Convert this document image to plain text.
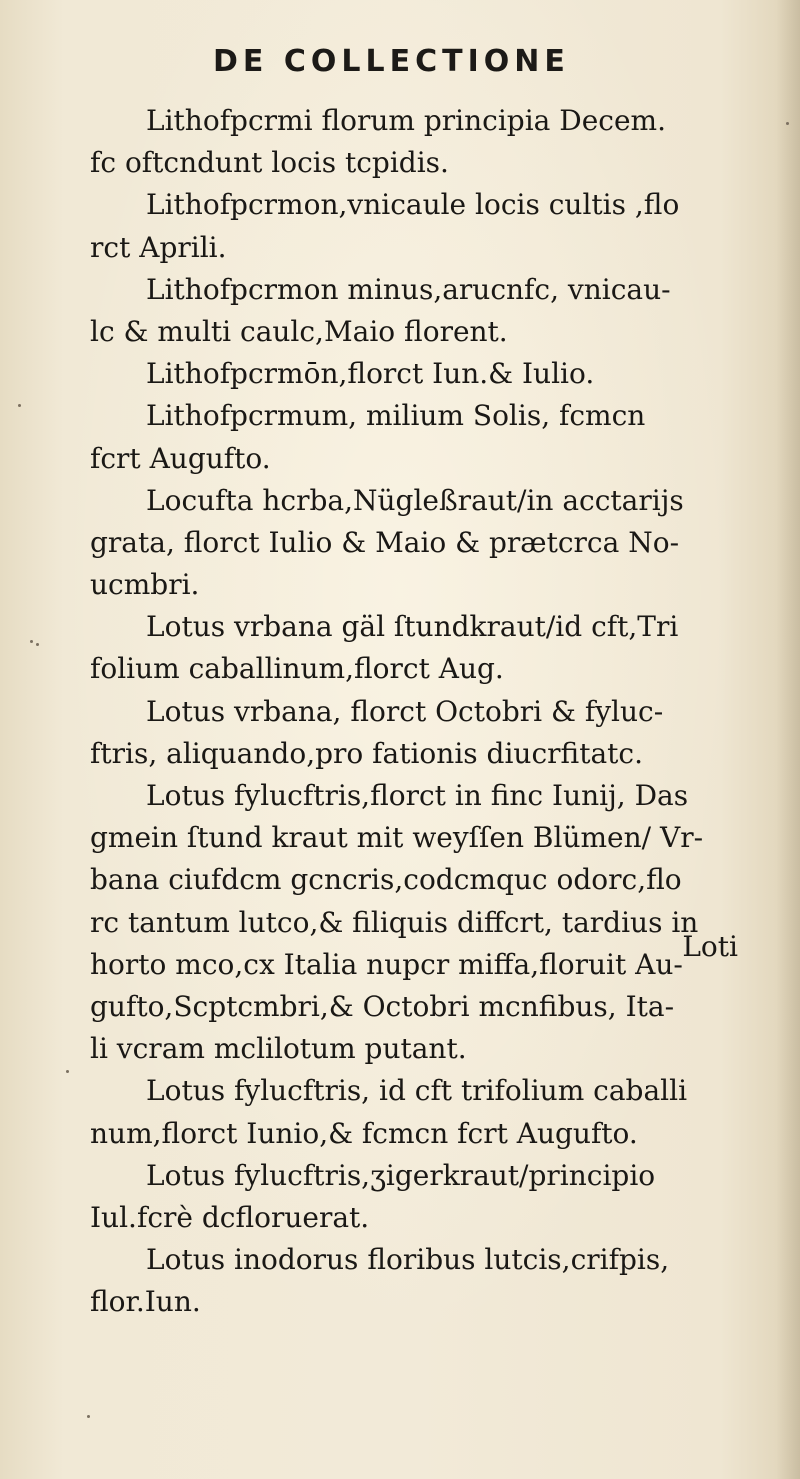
DE COLLECTIONE
Lithofpcrmi florum principia Decem.
fc oftcndunt locis tcpidis.
Lithofpcrmon,vnicaule locis cultis ,flo
rct Aprili.
Lithofpcrmon minus,arucnfc, vnicau-
lc & multi caulc,Maio florent.
Lithofpcrmōn,florct Iun.& Iulio.
Lithofpcrmum, milium Solis, fcmcn
fcrt Augufto.
Locufta hcrba,Nügleßraut/in acctarijs
grata, florct Iulio & Maio & prætcrca No-
ucmbri.
Lotus vrbana gäl ſtundkraut/id cft,Tri
folium caballinum,florct Aug.
Lotus vrbana, florct Octobri & fyluc-
ftris, aliquando,pro fationis diucrfitatc.
Lotus fylucftris,florct in finc Iunij, Das
gmein ſtund kraut mit weyſſen Blümen/ Vr-
bana ciufdcm gcncris,codcmquc odorc,flo
rc tantum lutco,& filiquis diffcrt, tardius in
horto mco,cx Italia nupcr miffa,floruit Au-
gufto,Scptcmbri,& Octobri mcnfibus, Ita-
li vcram mclilotum putant.
Lotus fylucftris, id cft trifolium caballi
num,florct Iunio,& fcmcn fcrt Augufto.
Lotus fylucftris,ʒigerkraut/principio
Iul.fcrè dcfloruerat.
Lotus inodorus floribus lutcis,crifpis,
flor.Iun.
Loti
